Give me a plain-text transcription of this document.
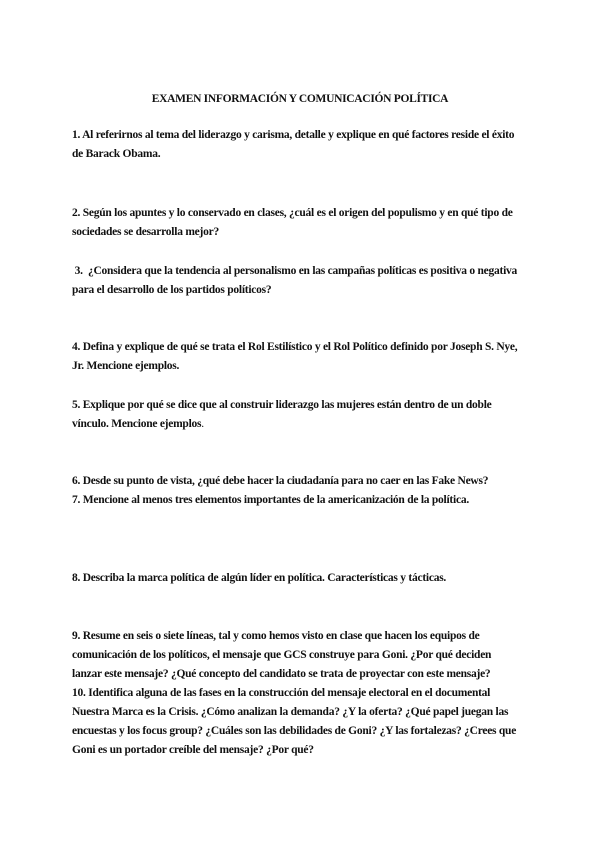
EXAMEN INFORMACIÓN Y COMUNICACIÓN POLÍTICA
1. Al referirnos al tema del liderazgo y carisma, detalle y explique en qué factores reside el éxito
de Barack Obama.
2. Según los apuntes y lo conservado en clases, ¿cuál es el origen del populismo y en qué tipo de
sociedades se desarrolla mejor?
3.  ¿Considera que la tendencia al personalismo en las campañas políticas es positiva o negativa
para el desarrollo de los partidos políticos?
4. Defina y explique de qué se trata el Rol Estilístico y el Rol Político definido por Joseph S. Nye,
Jr. Mencione ejemplos.
5. Explique por qué se dice que al construir liderazgo las mujeres están dentro de un doble
vínculo. Mencione ejemplos.
6. Desde su punto de vista, ¿qué debe hacer la ciudadanía para no caer en las Fake News?
7. Mencione al menos tres elementos importantes de la americanización de la política.
8. Describa la marca política de algún líder en política. Características y tácticas.
9. Resume en seis o siete líneas, tal y como hemos visto en clase que hacen los equipos de
comunicación de los políticos, el mensaje que GCS construye para Goni. ¿Por qué deciden
lanzar este mensaje? ¿Qué concepto del candidato se trata de proyectar con este mensaje?
10. Identifica alguna de las fases en la construcción del mensaje electoral en el documental
Nuestra Marca es la Crisis. ¿Cómo analizan la demanda? ¿Y la oferta? ¿Qué papel juegan las
encuestas y los focus group? ¿Cuáles son las debilidades de Goni? ¿Y las fortalezas? ¿Crees que
Goni es un portador creíble del mensaje? ¿Por qué?
